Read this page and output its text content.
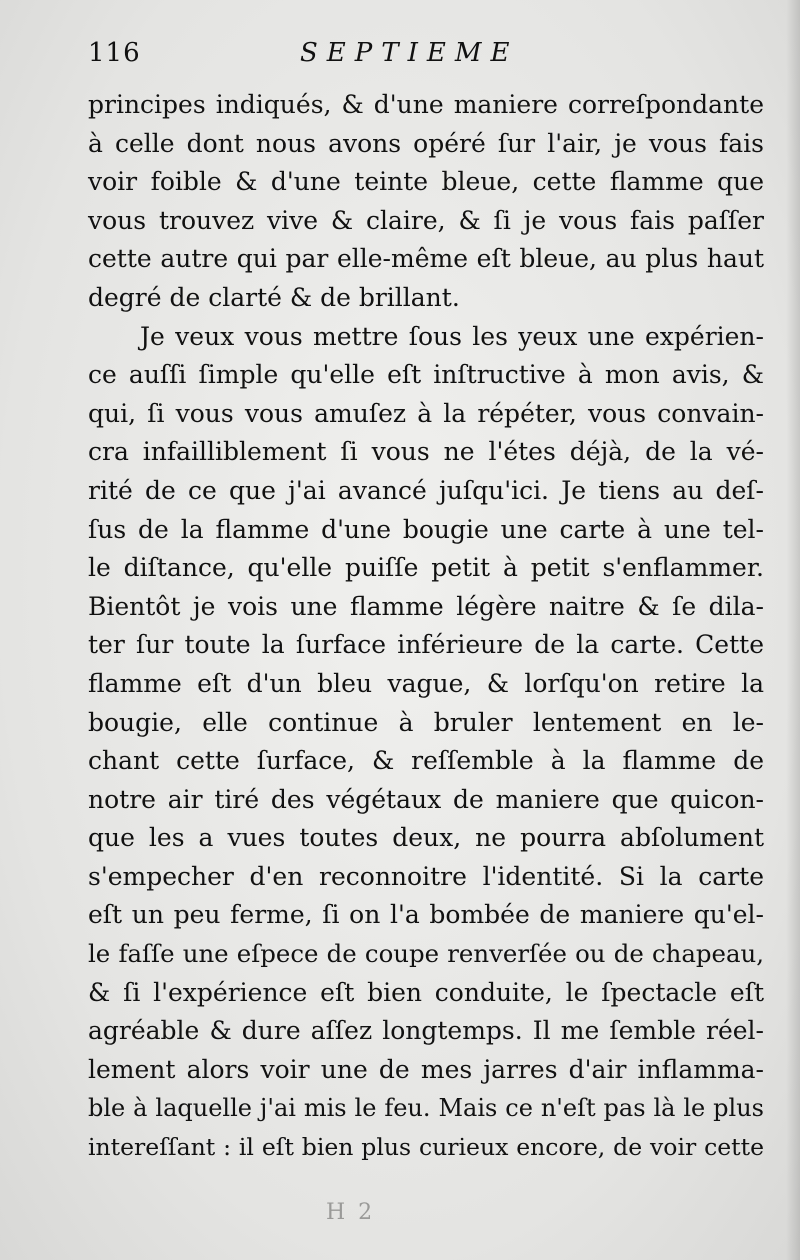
116	SEPTIEME
principes indiqués, & d'une maniere correſpondante
à celle dont nous avons opéré ſur l'air, je vous fais
voir foible & d'une teinte bleue, cette flamme que
vous trouvez vive & claire, & ſi je vous fais paſſer
cette autre qui par elle-même eſt bleue, au plus haut
degré de clarté & de brillant.
Je veux vous mettre ſous les yeux une expérien-
ce auſſi ſimple qu'elle eſt inſtructive à mon avis, &
qui, ſi vous vous amuſez à la répéter, vous convain-
cra infailliblement ſi vous ne l'étes déjà, de la vé-
rité de ce que j'ai avancé juſqu'ici. Je tiens au deſ-
ſus de la flamme d'une bougie une carte à une tel-
le diſtance, qu'elle puiſſe petit à petit s'enflammer.
Bientôt je vois une flamme légère naitre & ſe dila-
ter ſur toute la ſurface inférieure de la carte. Cette
flamme eſt d'un bleu vague, & lorſqu'on retire la
bougie, elle continue à bruler lentement en le-
chant cette ſurface, & reſſemble à la flamme de
notre air tiré des végétaux de maniere que quicon-
que les a vues toutes deux, ne pourra abſolument
s'empecher d'en reconnoitre l'identité. Si la carte
eſt un peu ferme, ſi on l'a bombée de maniere qu'el-
le faſſe une eſpece de coupe renverſée ou de chapeau,
& ſi l'expérience eſt bien conduite, le ſpectacle eſt
agréable & dure aſſez longtemps. Il me ſemble réel-
lement alors voir une de mes jarres d'air inflamma-
ble à laquelle j'ai mis le feu. Mais ce n'eſt pas là le plus
intereſſant : il eſt bien plus curieux encore, de voir cette
H 2
